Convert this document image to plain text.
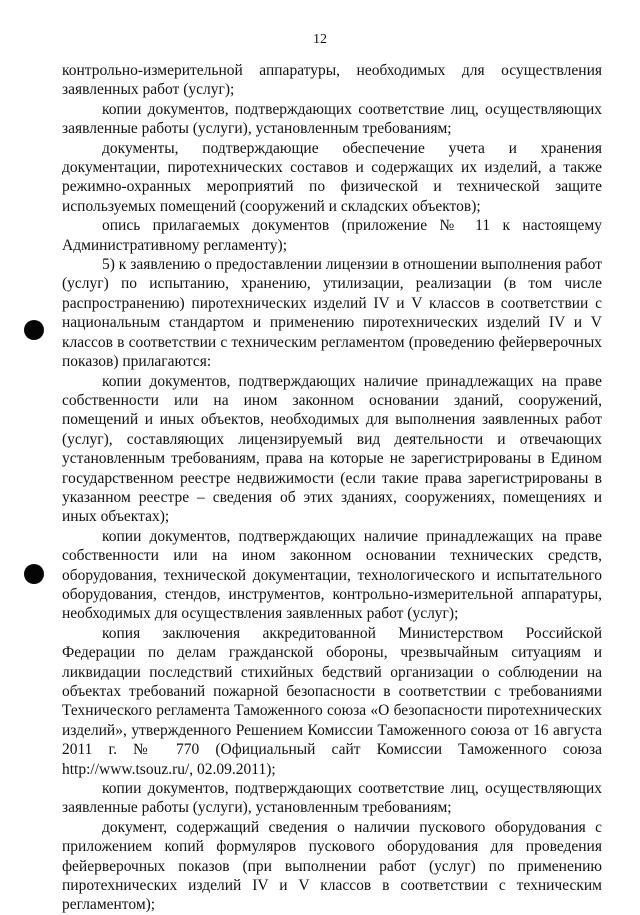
12

контрольно-измерительной аппаратуры, необходимых для осуществления заявленных работ (услуг);

копии документов, подтверждающих соответствие лиц, осуществляющих заявленные работы (услуги), установленным требованиям;

документы, подтверждающие обеспечение учета и хранения документации, пиротехнических составов и содержащих их изделий, а также режимно-охранных мероприятий по физической и технической защите используемых помещений (сооружений и складских объектов);

опись прилагаемых документов (приложение № 11 к настоящему Административному регламенту);

5) к заявлению о предоставлении лицензии в отношении выполнения работ (услуг) по испытанию, хранению, утилизации, реализации (в том числе распространению) пиротехнических изделий IV и V классов в соответствии с национальным стандартом и применению пиротехнических изделий IV и V классов в соответствии с техническим регламентом (проведению фейерверочных показов) прилагаются:

копии документов, подтверждающих наличие принадлежащих на праве собственности или на ином законном основании зданий, сооружений, помещений и иных объектов, необходимых для выполнения заявленных работ (услуг), составляющих лицензируемый вид деятельности и отвечающих установленным требованиям, права на которые не зарегистрированы в Едином государственном реестре недвижимости (если такие права зарегистрированы в указанном реестре – сведения об этих зданиях, сооружениях, помещениях и иных объектах);

копии документов, подтверждающих наличие принадлежащих на праве собственности или на ином законном основании технических средств, оборудования, технической документации, технологического и испытательного оборудования, стендов, инструментов, контрольно-измерительной аппаратуры, необходимых для осуществления заявленных работ (услуг);

копия заключения аккредитованной Министерством Российской Федерации по делам гражданской обороны, чрезвычайным ситуациям и ликвидации последствий стихийных бедствий организации о соблюдении на объектах требований пожарной безопасности в соответствии с требованиями Технического регламента Таможенного союза «О безопасности пиротехнических изделий», утвержденного Решением Комиссии Таможенного союза от 16 августа 2011 г. № 770 (Официальный сайт Комиссии Таможенного союза http://www.tsouz.ru/, 02.09.2011);

копии документов, подтверждающих соответствие лиц, осуществляющих заявленные работы (услуги), установленным требованиям;

документ, содержащий сведения о наличии пускового оборудования с приложением копий формуляров пускового оборудования для проведения фейерверочных показов (при выполнении работ (услуг) по применению пиротехнических изделий IV и V классов в соответствии с техническим регламентом);
